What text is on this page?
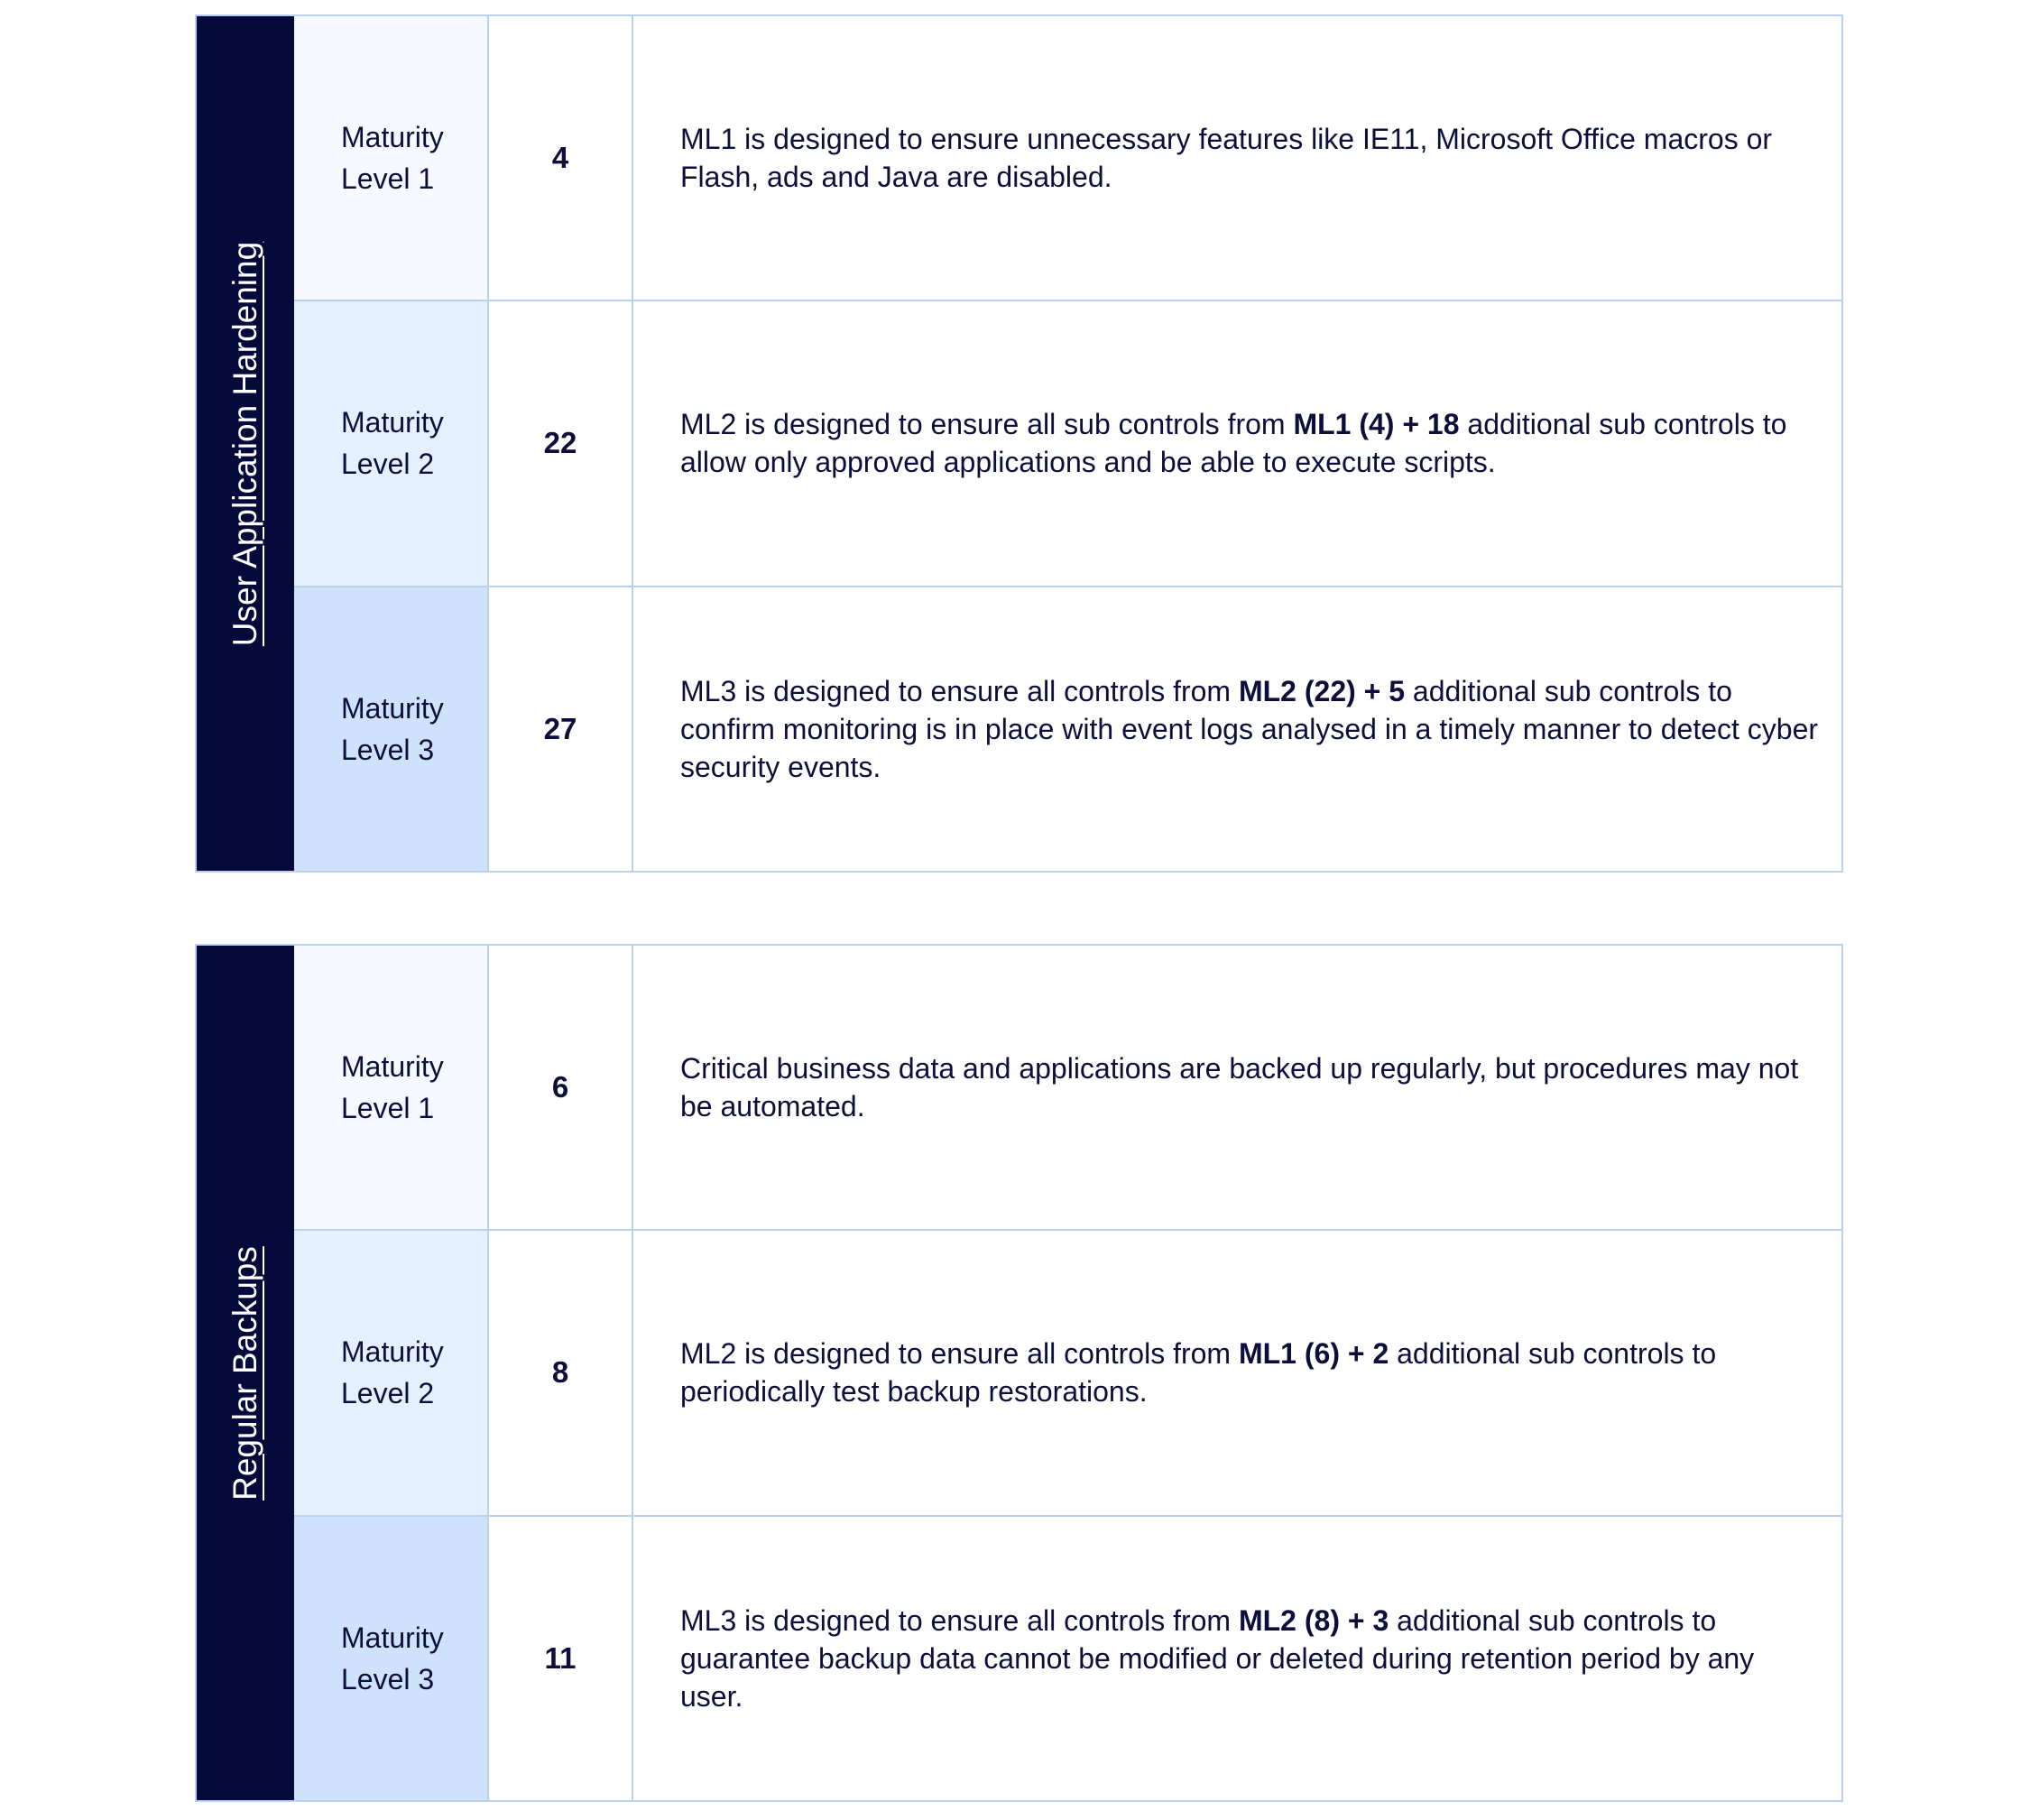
User Application Hardening
Maturity
Level 1
4
ML1 is designed to ensure unnecessary features like IE11, Microsoft Office macros or Flash, ads and Java are disabled.
Maturity
Level 2
22
ML2 is designed to ensure all sub controls from ML1 (4) + 18 additional sub controls to allow only approved applications and be able to execute scripts.
Maturity
Level 3
27
ML3 is designed to ensure all controls from ML2 (22) + 5 additional sub controls to confirm monitoring is in place with event logs analysed in a timely manner to detect cyber security events.
Regular Backups
Maturity
Level 1
6
Critical business data and applications are backed up regularly, but procedures may not be automated.
Maturity
Level 2
8
ML2 is designed to ensure all controls from ML1 (6) + 2 additional sub controls to periodically test backup restorations.
Maturity
Level 3
11
ML3 is designed to ensure all controls from ML2 (8) + 3 additional sub controls to guarantee backup data cannot be modified or deleted during retention period by any user.
